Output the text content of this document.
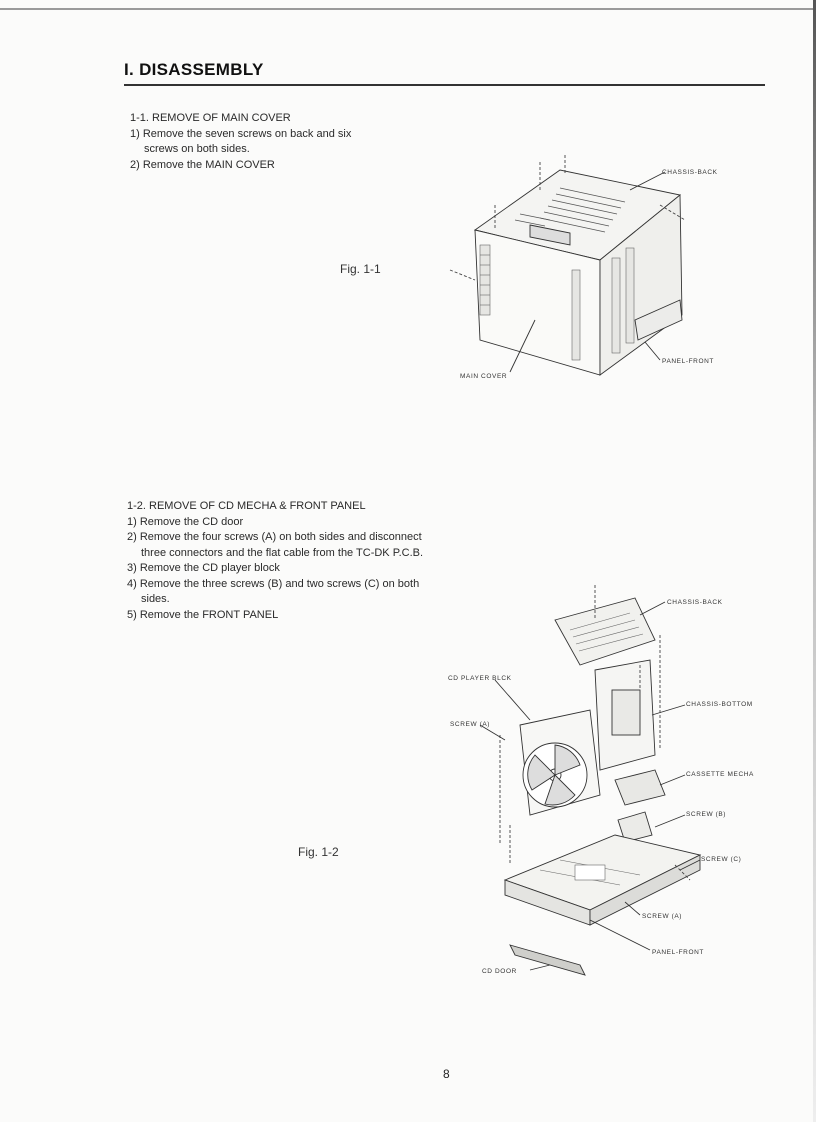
I. DISASSEMBLY
1-1. REMOVE OF MAIN COVER
1) Remove the seven screws on back and six screws on both sides.
2) Remove the MAIN COVER
Fig. 1-1
CHASSIS-BACK
PANEL-FRONT
MAIN COVER
1-2. REMOVE OF CD MECHA & FRONT PANEL
1) Remove the CD door
2) Remove the four screws (A) on both sides and disconnect three connectors and the flat cable from the TC-DK P.C.B.
3) Remove the CD player block
4) Remove the three screws (B) and two screws (C) on both sides.
5) Remove the FRONT PANEL
Fig. 1-2
CHASSIS-BACK
CD PLAYER BLCK
SCREW (A)
CHASSIS-BOTTOM
CASSETTE MECHA
SCREW (B)
SCREW (C)
SCREW (A)
PANEL-FRONT
CD DOOR
8
